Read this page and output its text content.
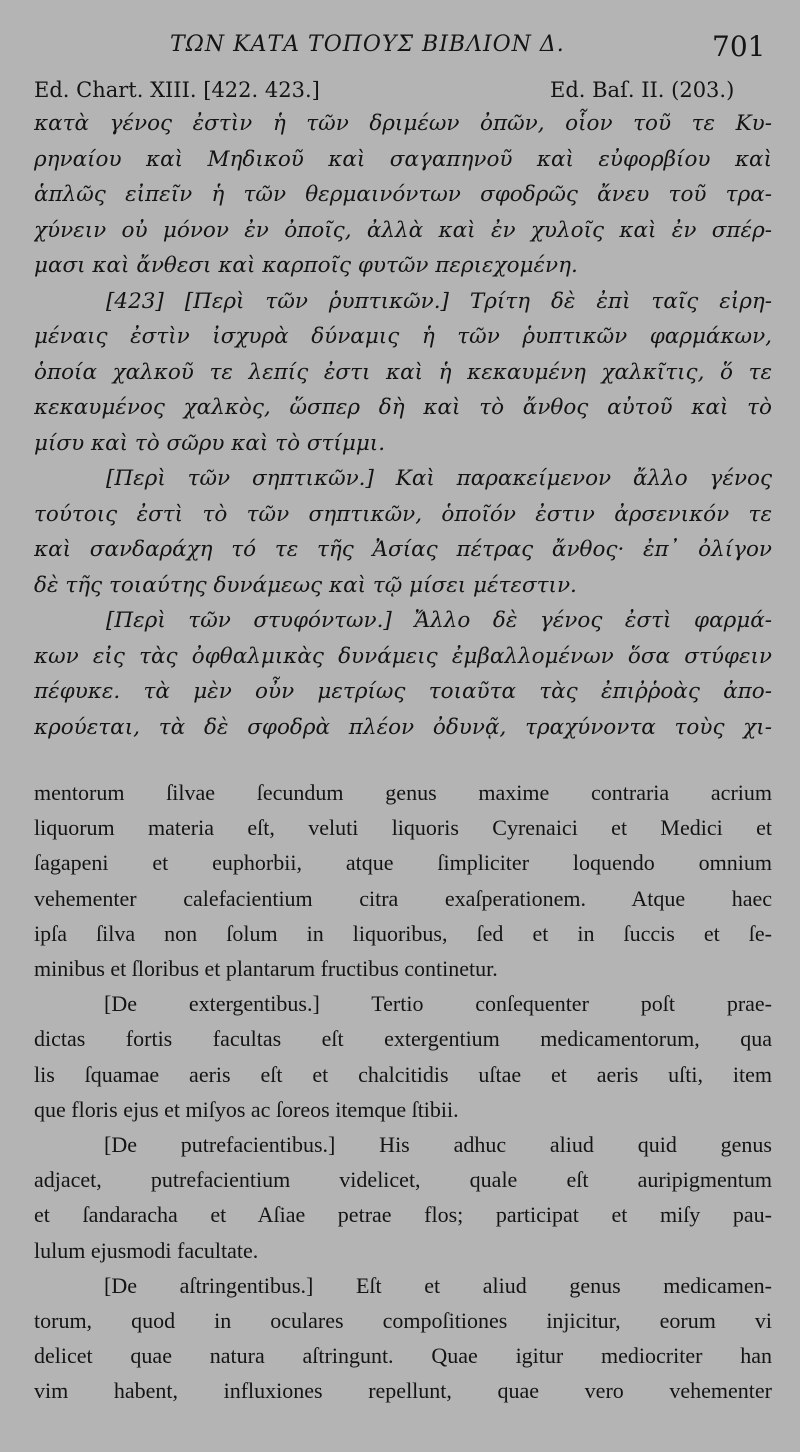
ΤΩΝ ΚΑΤΑ ΤΟΠΟΥΣ ΒΙΒΛΙΟΝ Δ.	701
Ed. Chart. XIII. [422. 423.]	Ed. Baſ. II. (203.)
κατὰ γένος ἐστὶν ἡ τῶν δριμέων ὀπῶν, οἷον τοῦ τε Κυ-
ρηναίου καὶ Μηδικοῦ καὶ σαγαπηνοῦ καὶ εὐφορβίου καὶ
ἁπλῶς εἰπεῖν ἡ τῶν θερμαινόντων σφοδρῶς ἄνευ τοῦ τρα-
χύνειν οὐ μόνον ἐν ὀποῖς, ἀλλὰ καὶ ἐν χυλοῖς καὶ ἐν σπέρ-
μασι καὶ ἄνθεσι καὶ καρποῖς φυτῶν περιεχομένη.
[423] [Περὶ τῶν ῥυπτικῶν.] Τρίτη δὲ ἐπὶ ταῖς εἰρη-
μέναις ἐστὶν ἰσχυρὰ δύναμις ἡ τῶν ῥυπτικῶν φαρμάκων,
ὁποία χαλκοῦ τε λεπίς ἐστι καὶ ἡ κεκαυμένη χαλκῖτις, ὅ τε
κεκαυμένος χαλκὸς, ὥσπερ δὴ καὶ τὸ ἄνθος αὐτοῦ καὶ τὸ
μίσυ καὶ τὸ σῶρυ καὶ τὸ στίμμι.
[Περὶ τῶν σηπτικῶν.] Καὶ παρακείμενον ἄλλο γένος
τούτοις ἐστὶ τὸ τῶν σηπτικῶν, ὁποῖόν ἐστιν ἀρσενικόν τε
καὶ σανδαράχη τό τε τῆς Ἀσίας πέτρας ἄνθος· ἐπ᾽ ὀλίγον
δὲ τῆς τοιαύτης δυνάμεως καὶ τῷ μίσει μέτεστιν.
[Περὶ τῶν στυφόντων.] Ἄλλο δὲ γένος ἐστὶ φαρμά-
κων εἰς τὰς ὀφθαλμικὰς δυνάμεις ἐμβαλλομένων ὅσα στύφειν
πέφυκε. τὰ μὲν οὖν μετρίως τοιαῦτα τὰς ἐπιῤῥοὰς ἀπο-
κρούεται, τὰ δὲ σφοδρὰ πλέον ὀδυνᾷ, τραχύνοντα τοὺς χι-
mentorum ſilvae ſecundum genus maxime contraria acrium
liquorum materia eſt, veluti liquoris Cyrenaici et Medici et
ſagapeni et euphorbii, atque ſimpliciter loquendo omnium
vehementer calefacientium citra exaſperationem. Atque haec
ipſa ſilva non ſolum in liquoribus, ſed et in ſuccis et ſe-
minibus et ſloribus et plantarum fructibus continetur.
[De extergentibus.] Tertio conſequenter poſt prae-
dictas fortis facultas eſt extergentium medicamentorum, qua
lis ſquamae aeris eſt et chalcitidis uſtae et aeris uſti, item
que floris ejus et miſyos ac ſoreos itemque ſtibii.
[De putrefacientibus.] His adhuc aliud quid genus
adjacet, putrefacientium videlicet, quale eſt auripigmentum
et ſandaracha et Aſiae petrae flos; participat et miſy pau-
lulum ejusmodi facultate.
[De aſtringentibus.] Eſt et aliud genus medicamen-
torum, quod in oculares compoſitiones injicitur, eorum vi
delicet quae natura aſtringunt. Quae igitur mediocriter han
vim habent, influxiones repellunt, quae vero vehementer
